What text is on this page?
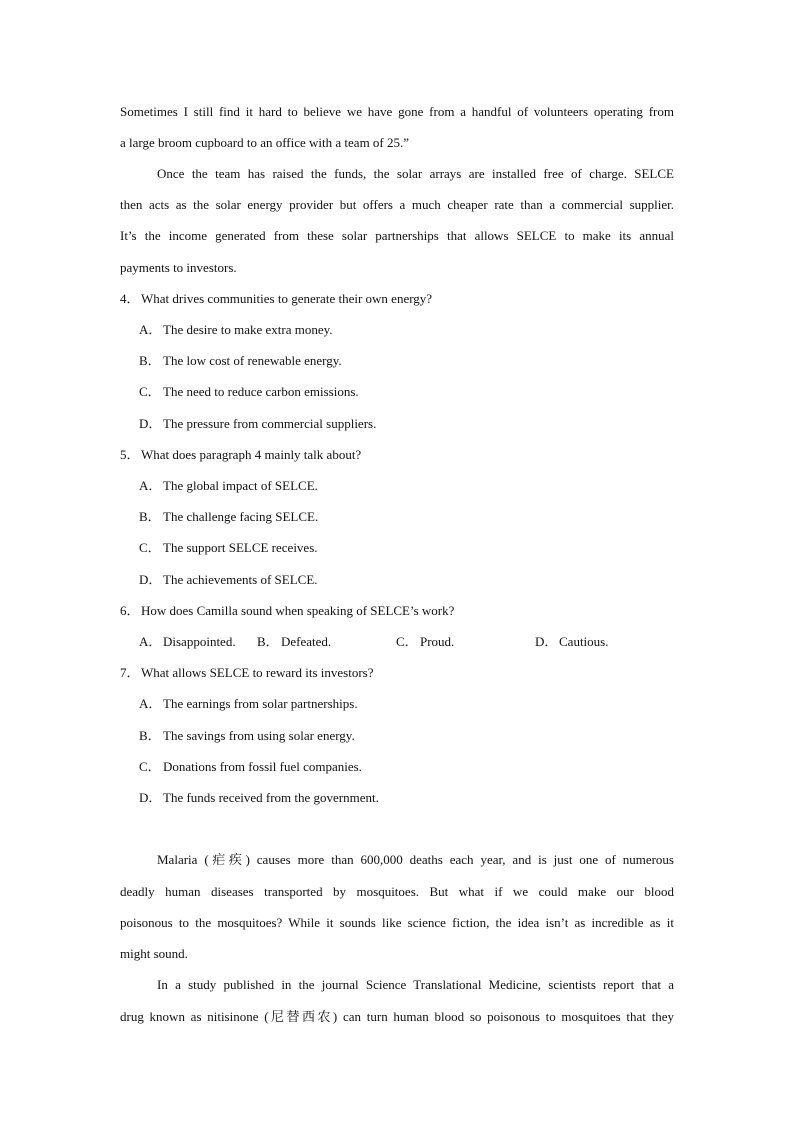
Sometimes I still find it hard to believe we have gone from a handful of volunteers operating from
a large broom cupboard to an office with a team of 25.”
Once the team has raised the funds, the solar arrays are installed free of charge. SELCE
then acts as the solar energy provider but offers a much cheaper rate than a commercial supplier.
It’s the income generated from these solar partnerships that allows SELCE to make its annual
payments to investors.
4．What drives communities to generate their own energy?
A． The desire to make extra money.
B． The low cost of renewable energy.
C． The need to reduce carbon emissions.
D． The pressure from commercial suppliers.
5．What does paragraph 4 mainly talk about?
A． The global impact of SELCE.
B． The challenge facing SELCE.
C． The support SELCE receives.
D． The achievements of SELCE.
6．How does Camilla sound when speaking of SELCE’s work?
A． Disappointed. B． Defeated.	C． Proud.	D． Cautious.
7．What allows SELCE to reward its investors?
A． The earnings from solar partnerships.
B． The savings from using solar energy.
C． Donations from fossil fuel companies.
D． The funds received from the government.
Malaria (疟疾) causes more than 600,000 deaths each year, and is just one of numerous
deadly human diseases transported by mosquitoes. But what if we could make our blood
poisonous to the mosquitoes? While it sounds like science fiction, the idea isn’t as incredible as it
might sound.
In a study published in the journal Science Translational Medicine, scientists report that a
drug known as nitisinone (尼替西农) can turn human blood so poisonous to mosquitoes that they
